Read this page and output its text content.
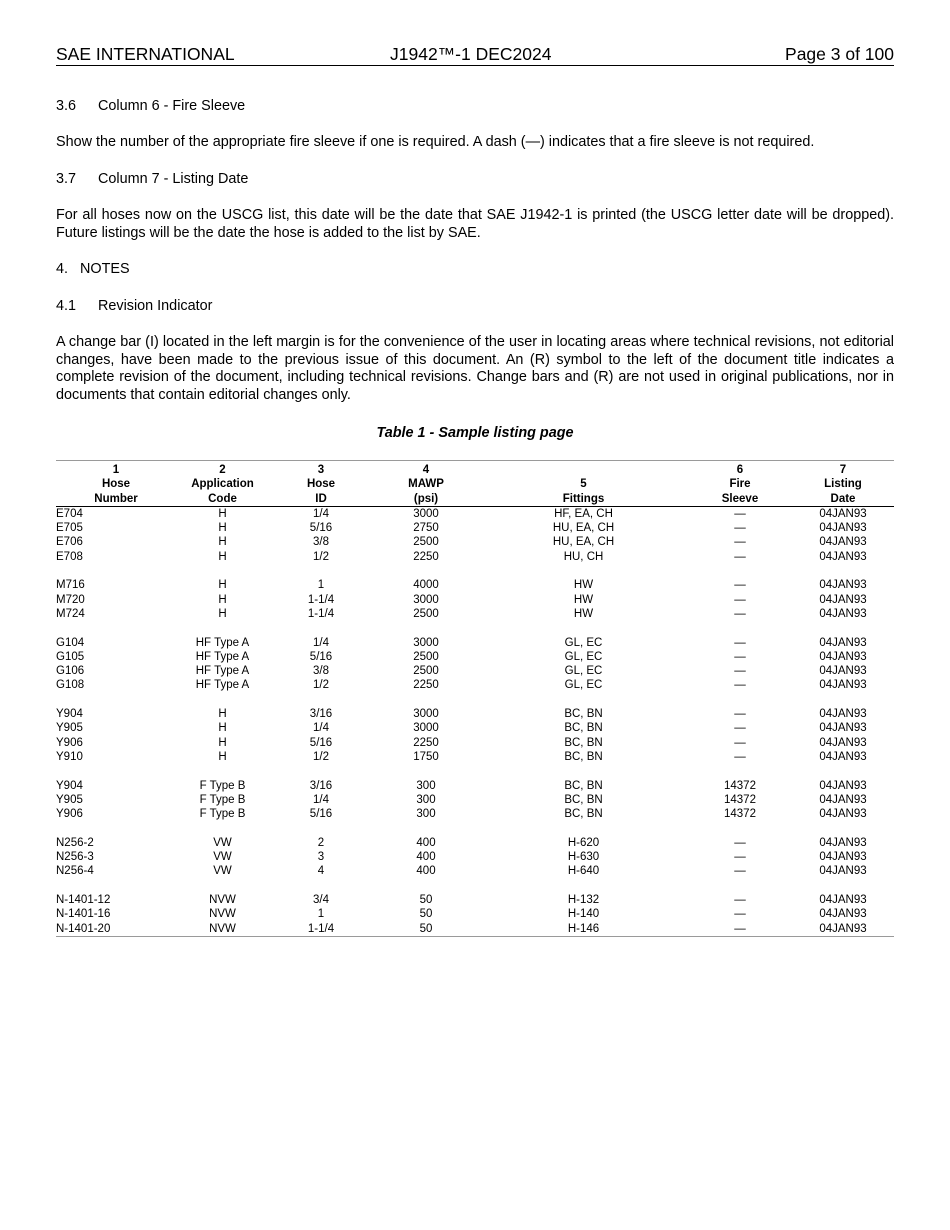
SAE INTERNATIONAL	J1942™-1 DEC2024	Page 3 of 100
3.6 Column 6 - Fire Sleeve
Show the number of the appropriate fire sleeve if one is required. A dash (—) indicates that a fire sleeve is not required.
3.7 Column 7 - Listing Date
For all hoses now on the USCG list, this date will be the date that SAE J1942-1 is printed (the USCG letter date will be dropped). Future listings will be the date the hose is added to the list by SAE.
4.   NOTES
4.1 Revision Indicator
A change bar (I) located in the left margin is for the convenience of the user in locating areas where technical revisions, not editorial changes, have been made to the previous issue of this document. An (R) symbol to the left of the document title indicates a complete revision of the document, including technical revisions. Change bars and (R) are not used in original publications, nor in documents that contain editorial changes only.
Table 1 - Sample listing page
1	2	3	4		6	7
Hose	Application	Hose	MAWP	5	Fire	Listing
Number	Code	ID	(psi)	Fittings	Sleeve	Date
E704	H	1/4	3000	HF, EA, CH	—	04JAN93
E705	H	5/16	2750	HU, EA, CH	—	04JAN93
E706	H	3/8	2500	HU, EA, CH	—	04JAN93
E708	H	1/2	2250	HU, CH	—	04JAN93
M716	H	1	4000	HW	—	04JAN93
M720	H	1-1/4	3000	HW	—	04JAN93
M724	H	1-1/4	2500	HW	—	04JAN93
G104	HF Type A	1/4	3000	GL, EC	—	04JAN93
G105	HF Type A	5/16	2500	GL, EC	—	04JAN93
G106	HF Type A	3/8	2500	GL, EC	—	04JAN93
G108	HF Type A	1/2	2250	GL, EC	—	04JAN93
Y904	H	3/16	3000	BC, BN	—	04JAN93
Y905	H	1/4	3000	BC, BN	—	04JAN93
Y906	H	5/16	2250	BC, BN	—	04JAN93
Y910	H	1/2	1750	BC, BN	—	04JAN93
Y904	F Type B	3/16	300	BC, BN	14372	04JAN93
Y905	F Type B	1/4	300	BC, BN	14372	04JAN93
Y906	F Type B	5/16	300	BC, BN	14372	04JAN93
N256-2	VW	2	400	H-620	—	04JAN93
N256-3	VW	3	400	H-630	—	04JAN93
N256-4	VW	4	400	H-640	—	04JAN93
N-1401-12	NVW	3/4	50	H-132	—	04JAN93
N-1401-16	NVW	1	50	H-140	—	04JAN93
N-1401-20	NVW	1-1/4	50	H-146	—	04JAN93
